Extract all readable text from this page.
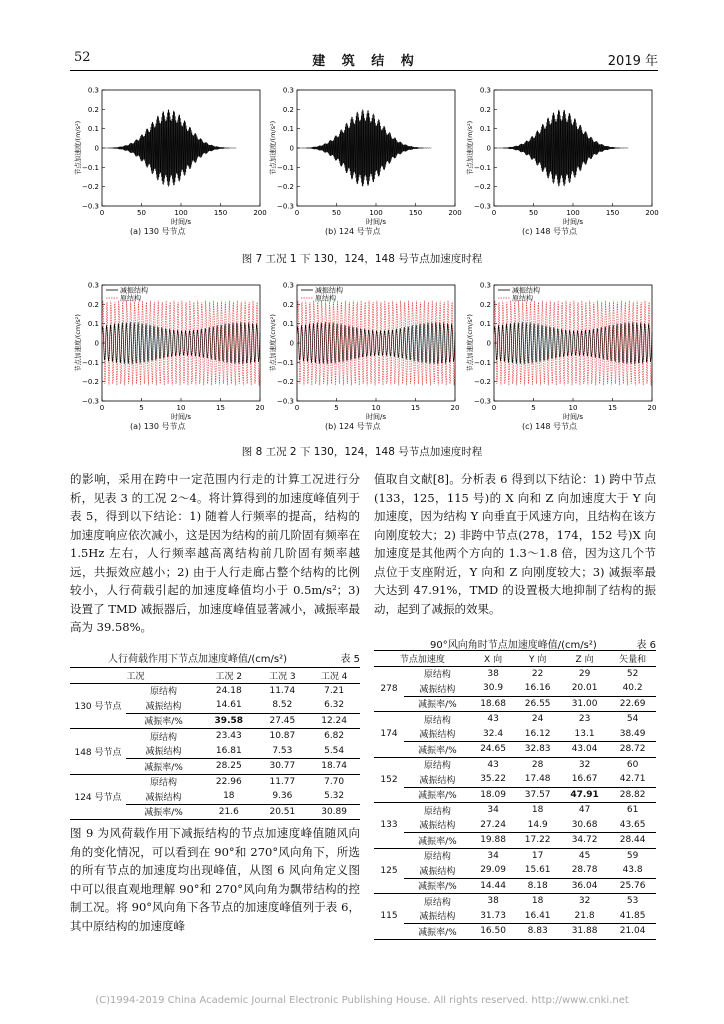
52	建 筑 结 构	2019 年
0.3
0.2
0.1
0
−0.1
−0.2
−0.3
0	50	100	150	200
时间/s
节点加速度/(m/s²)
(a) 130 号节点
0.3
0.2
0.1
0
−0.1
−0.2
−0.3
0	50	100	150	200
时间/s
节点加速度/(m/s²)
(b) 124 号节点
0.3
0.2
0.1
0
−0.1
−0.2
−0.3
0	50	100	150	200
时间/s
节点加速度/(m/s²)
(c) 148 号节点
图 7 工况 1 下 130，124，148 号节点加速度时程
0.3
0.2
0.1
0
−0.1
−0.2
−0.3
0	5	10	15	20
时间/s
节点加速度/(cm/s²)
减振结构
原结构
(a) 130 号节点
0.3
0.2
0.1
0
−0.1
−0.2
−0.3
0	5	10	15	20
时间/s
节点加速度/(cm/s²)
减振结构
原结构
(b) 124 号节点
0.3
0.2
0.1
0
−0.1
−0.2
−0.3
0	5	10	15	20
时间/s
节点加速度/(cm/s²)
减振结构
原结构
(c) 148 号节点
图 8 工况 2 下 130，124，148 号节点加速度时程
的影响，采用在跨中一定范围内行走的计算工况进行分析，见表 3 的工况 2～4。将计算得到的加速度峰值列于表 5，得到以下结论：1) 随着人行频率的提高，结构的加速度响应依次减小，这是因为结构的前几阶固有频率在 1.5Hz 左右，人行频率越高离结构前几阶固有频率越远，共振效应越小；2) 由于人行走廊占整个结构的比例较小，人行荷载引起的加速度峰值均小于 0.5m/s²；3) 设置了 TMD 减振器后，加速度峰值显著减小，减振率最高为 39.58%。
人行荷载作用下节点加速度峰值/(cm/s²)	表 5
工况		工况 2	工况 3	工况 4
130 号节点	原结构	24.18	11.74	7.21
	减振结构	14.61	8.52	6.32
	减振率/%	39.58	27.45	12.24
148 号节点	原结构	23.43	10.87	6.82
	减振结构	16.81	7.53	5.54
	减振率/%	28.25	30.77	18.74
124 号节点	原结构	22.96	11.77	7.70
	减振结构	18	9.36	5.32
	减振率/%	21.6	20.51	30.89
图 9 为风荷载作用下减振结构的节点加速度峰值随风向角的变化情况，可以看到在 90°和 270°风向角下，所选的所有节点的加速度均出现峰值，从图 6 风向角定义图中可以很直观地理解 90°和 270°风向角为飘带结构的控制工况。将 90°风向角下各节点的加速度峰值列于表 6，其中原结构的加速度峰
值取自文献[8]。分析表 6 得到以下结论：1) 跨中节点(133，125，115 号)的 X 向和 Z 向加速度大于 Y 向加速度，因为结构 Y 向垂直于风速方向，且结构在该方向刚度较大；2) 非跨中节点(278，174，152 号)X 向加速度是其他两个方向的 1.3～1.8 倍，因为这几个节点位于支座附近，Y 向和 Z 向刚度较大；3) 减振率最大达到 47.91%，TMD 的设置极大地抑制了结构的振动，起到了减振的效果。
90°风向角时节点加速度峰值/(cm/s²)	表 6
节点加速度		X 向	Y 向	Z 向	矢量和
278	原结构	38	22	29	52
	减振结构	30.9	16.16	20.01	40.2
	减振率/%	18.68	26.55	31.00	22.69
174	原结构	43	24	23	54
	减振结构	32.4	16.12	13.1	38.49
	减振率/%	24.65	32.83	43.04	28.72
152	原结构	43	28	32	60
	减振结构	35.22	17.48	16.67	42.71
	减振率/%	18.09	37.57	47.91	28.82
133	原结构	34	18	47	61
	减振结构	27.24	14.9	30.68	43.65
	减振率/%	19.88	17.22	34.72	28.44
125	原结构	34	17	45	59
	减振结构	29.09	15.61	28.78	43.8
	减振率/%	14.44	8.18	36.04	25.76
115	原结构	38	18	32	53
	减振结构	31.73	16.41	21.8	41.85
	减振率/%	16.50	8.83	31.88	21.04
(C)1994-2019 China Academic Journal Electronic Publishing House. All rights reserved. http://www.cnki.net
